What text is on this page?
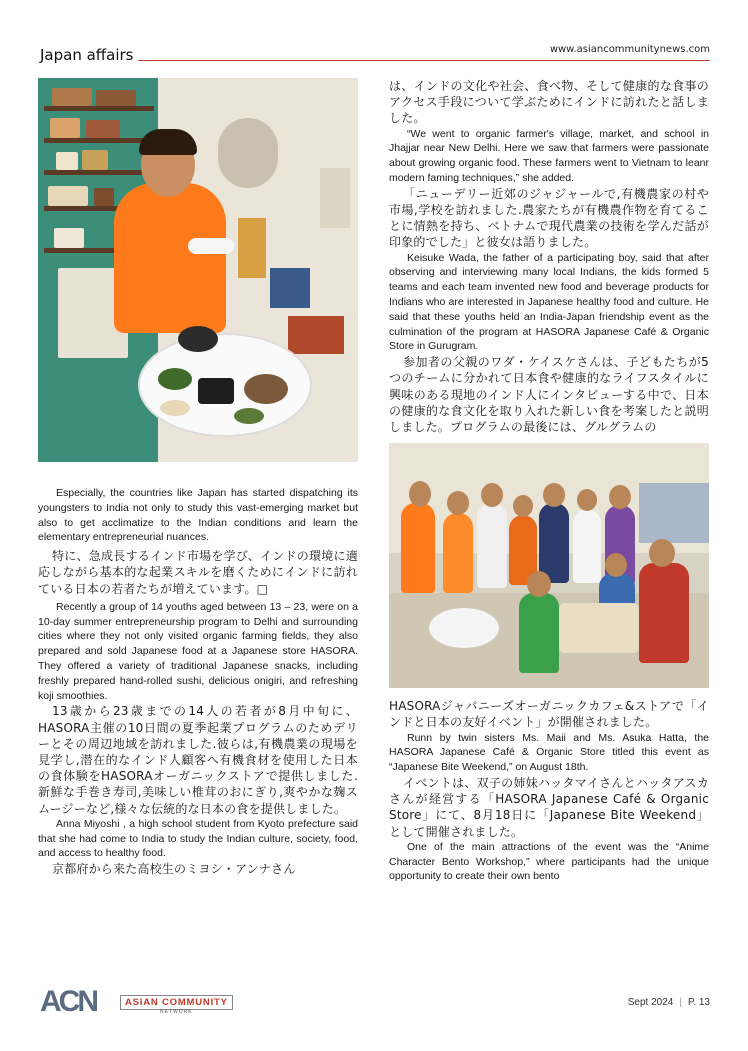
Japan affairs	www.asiancommunitynews.com

Especially, the countries like Japan has started dispatching its youngsters to India not only to study this vast-emerging market but also to get acclimatize to the Indian conditions and learn the elementary entrepreneurial nuances.

特に、急成長するインド市場を学び、インドの環境に適応しながら基本的な起業スキルを磨くためにインドに訪れている日本の若者たちが増えています。□

Recently a group of 14 youths aged between 13 – 23, were on a 10-day summer entrepreneurship program to Delhi and surrounding cities where they not only visited organic farming fields, they also prepared and sold Japanese food at a Japanese store HASORA. They offered a variety of traditional Japanese snacks, including freshly prepared hand-rolled sushi, delicious onigiri, and refreshing koji smoothies.

13歳から23歳までの14人の若者が8月中旬に、HASORA主催の10日間の夏季起業プログラムのためデリーとその周辺地域を訪れました.彼らは,有機農業の現場を見学し,潜在的なインド人顧客へ有機食材を使用した日本の食体験をHASORAオーガニックストアで提供しました.新鮮な手巻き寿司,美味しい椎茸のおにぎり,爽やかな麹スムージーなど,様々な伝統的な日本の食を提供しました。

Anna Miyoshi , a high school student from Kyoto prefecture said that she had come to India to study the Indian culture, society, food, and access to healthy food.

京都府から来た高校生のミヨシ・アンナさん

は、インドの文化や社会、食べ物、そして健康的な食事のアクセス手段について学ぶためにインドに訪れたと話しました。

“We went to organic farmer's village, market, and school in Jhajjar near New Delhi. Here we saw that farmers were passionate about growing organic food. These farmers went to Vietnam to leanr modern faming techniques,” she added.

「ニューデリー近郊のジャジャールで,有機農家の村や市場,学校を訪れました.農家たちが有機農作物を育てることに情熱を持ち、ベトナムで現代農業の技術を学んだ話が印象的でした」と彼女は語りました。

Keisuke Wada, the father of a participating boy, said that after observing and interviewing many local Indians, the kids formed 5 teams and each team invented new food and beverage products for Indians who are interested in Japanese healthy food and culture. He said that these youths held an India-Japan friendship event as the culmination of the program at HASORA Japanese Café & Organic Store in Gurugram.

参加者の父親のワダ・ケイスケさんは、子どもたちが5つのチームに分かれて日本食や健康的なライフスタイルに興味のある現地のインド人にインタビューする中で、日本の健康的な食文化を取り入れた新しい食を考案したと説明しました。プログラムの最後には、グルグラムの

HASORAジャパニーズオーガニックカフェ&ストアで「インドと日本の友好イベント」が開催されました。

Runn by twin sisters Ms. Maii and Ms. Asuka Hatta, the HASORA Japanese Café & Organic Store titled this event as “Japanese Bite Weekend,” on August 18th.

イベントは、双子の姉妹ハッタマイさんとハッタアスカさんが経営する「HASORA Japanese Café & Organic Store」にて、8月18日に「Japanese Bite Weekend」として開催されました。

One of the main attractions of the event was the “Anime Character Bento Workshop,” where participants had the unique opportunity to create their own bento

ACN	ASIAN COMMUNITY
NETWORK
Sept 2024 | P. 13
